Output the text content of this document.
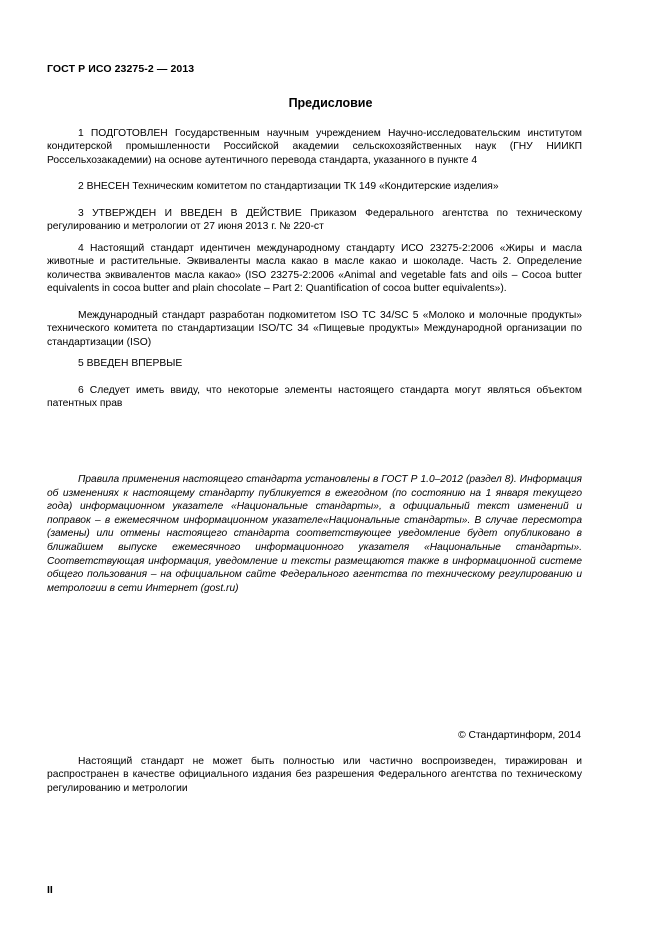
ГОСТ Р ИСО 23275-2 — 2013
Предисловие

1 ПОДГОТОВЛЕН Государственным научным учреждением Научно-исследовательским институтом кондитерской промышленности Российской академии сельскохозяйственных наук (ГНУ НИИКП Россельхозакадемии) на основе аутентичного перевода стандарта, указанного в пункте 4

2 ВНЕСЕН Техническим комитетом по стандартизации ТК 149 «Кондитерские изделия»

3 УТВЕРЖДЕН И ВВЕДЕН В ДЕЙСТВИЕ Приказом Федерального агентства по техническому регулированию и метрологии от 27 июня 2013 г. № 220-ст

4 Настоящий стандарт идентичен международному стандарту ИСО 23275-2:2006 «Жиры и масла животные и растительные. Эквиваленты масла какао в масле какао и шоколаде. Часть 2. Определение количества эквивалентов масла какао» (ISO 23275-2:2006 «Animal and vegetable fats and oils – Cocoa butter equivalents in cocoa butter and plain chocolate – Part 2: Quantification of cocoa butter equivalents»).

Международный стандарт разработан подкомитетом ISO TC 34/SC 5 «Молоко и молочные продукты» технического комитета по стандартизации ISO/TC 34 «Пищевые продукты» Международной организации по стандартизации (ISO)

5 ВВЕДЕН ВПЕРВЫЕ

6 Следует иметь ввиду, что некоторые элементы настоящего стандарта могут являться объектом патентных прав

Правила применения настоящего стандарта установлены в ГОСТ Р 1.0–2012 (раздел 8). Информация об изменениях к настоящему стандарту публикуется в ежегодном (по состоянию на 1 января текущего года) информационном указателе «Национальные стандарты», а официальный текст изменений и поправок – в ежемесячном информационном указателе«Национальные стандарты». В случае пересмотра (замены) или отмены настоящего стандарта соответствующее уведомление будет опубликовано в ближайшем выпуске ежемесячного информационного указателя «Национальные стандарты». Соответствующая информация, уведомление и тексты размещаются также в информационной системе общего пользования – на официальном сайте Федерального агентства по техническому регулированию и метрологии в сети Интернет (gost.ru)

© Стандартинформ, 2014

Настоящий стандарт не может быть полностью или частично воспроизведен, тиражирован и распространен в качестве официального издания без разрешения Федерального агентства по техническому регулированию и метрологии

II
